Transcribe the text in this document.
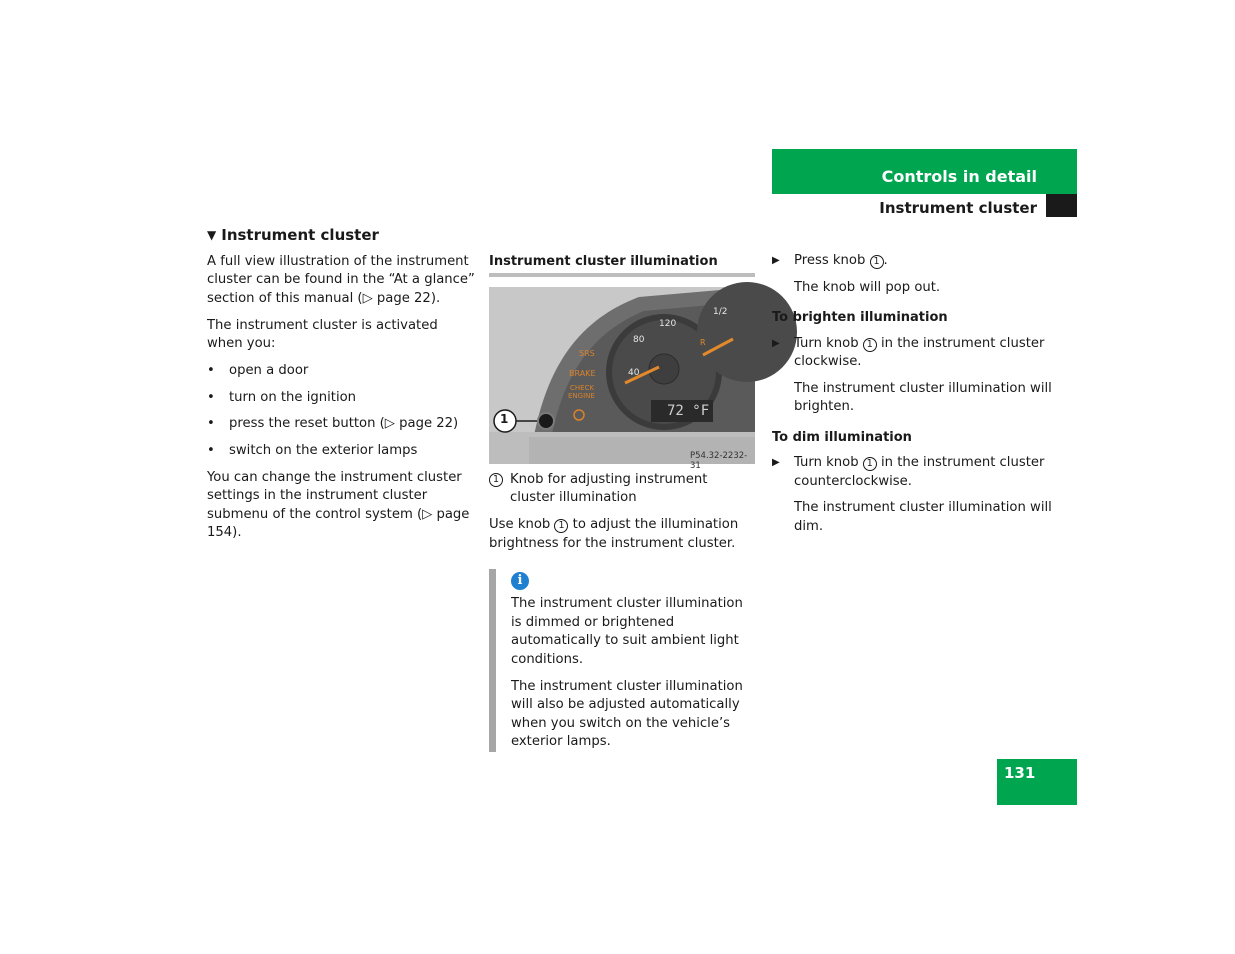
Controls in detail
Instrument cluster
▼ Instrument cluster

A full view illustration of the instrument cluster can be found in the “At a glance” section of this manual (▷ page 22).

The instrument cluster is activated when you:

• open a door
• turn on the ignition
• press the reset button (▷ page 22)
• switch on the exterior lamps

You can change the instrument cluster settings in the instrument cluster submenu of the control system (▷ page 154).

Instrument cluster illumination
1
P54.32-2232-31
72 °F
SRS
BRAKE
CHECK
ENGINE
120
80
40
1/2
R
1 Knob for adjusting instrument cluster illumination

Use knob 1 to adjust the illumination brightness for the instrument cluster.

i

The instrument cluster illumination is dimmed or brightened automatically to suit ambient light conditions.

The instrument cluster illumination will also be adjusted automatically when you switch on the vehicle’s exterior lamps.

▶	Press knob 1 .

The knob will pop out.

To brighten illumination
▶	Turn knob 1 in the instrument cluster clockwise.

The instrument cluster illumination will brighten.

To dim illumination
▶	Turn knob 1 in the instrument cluster counterclockwise.

The instrument cluster illumination will dim.

131
